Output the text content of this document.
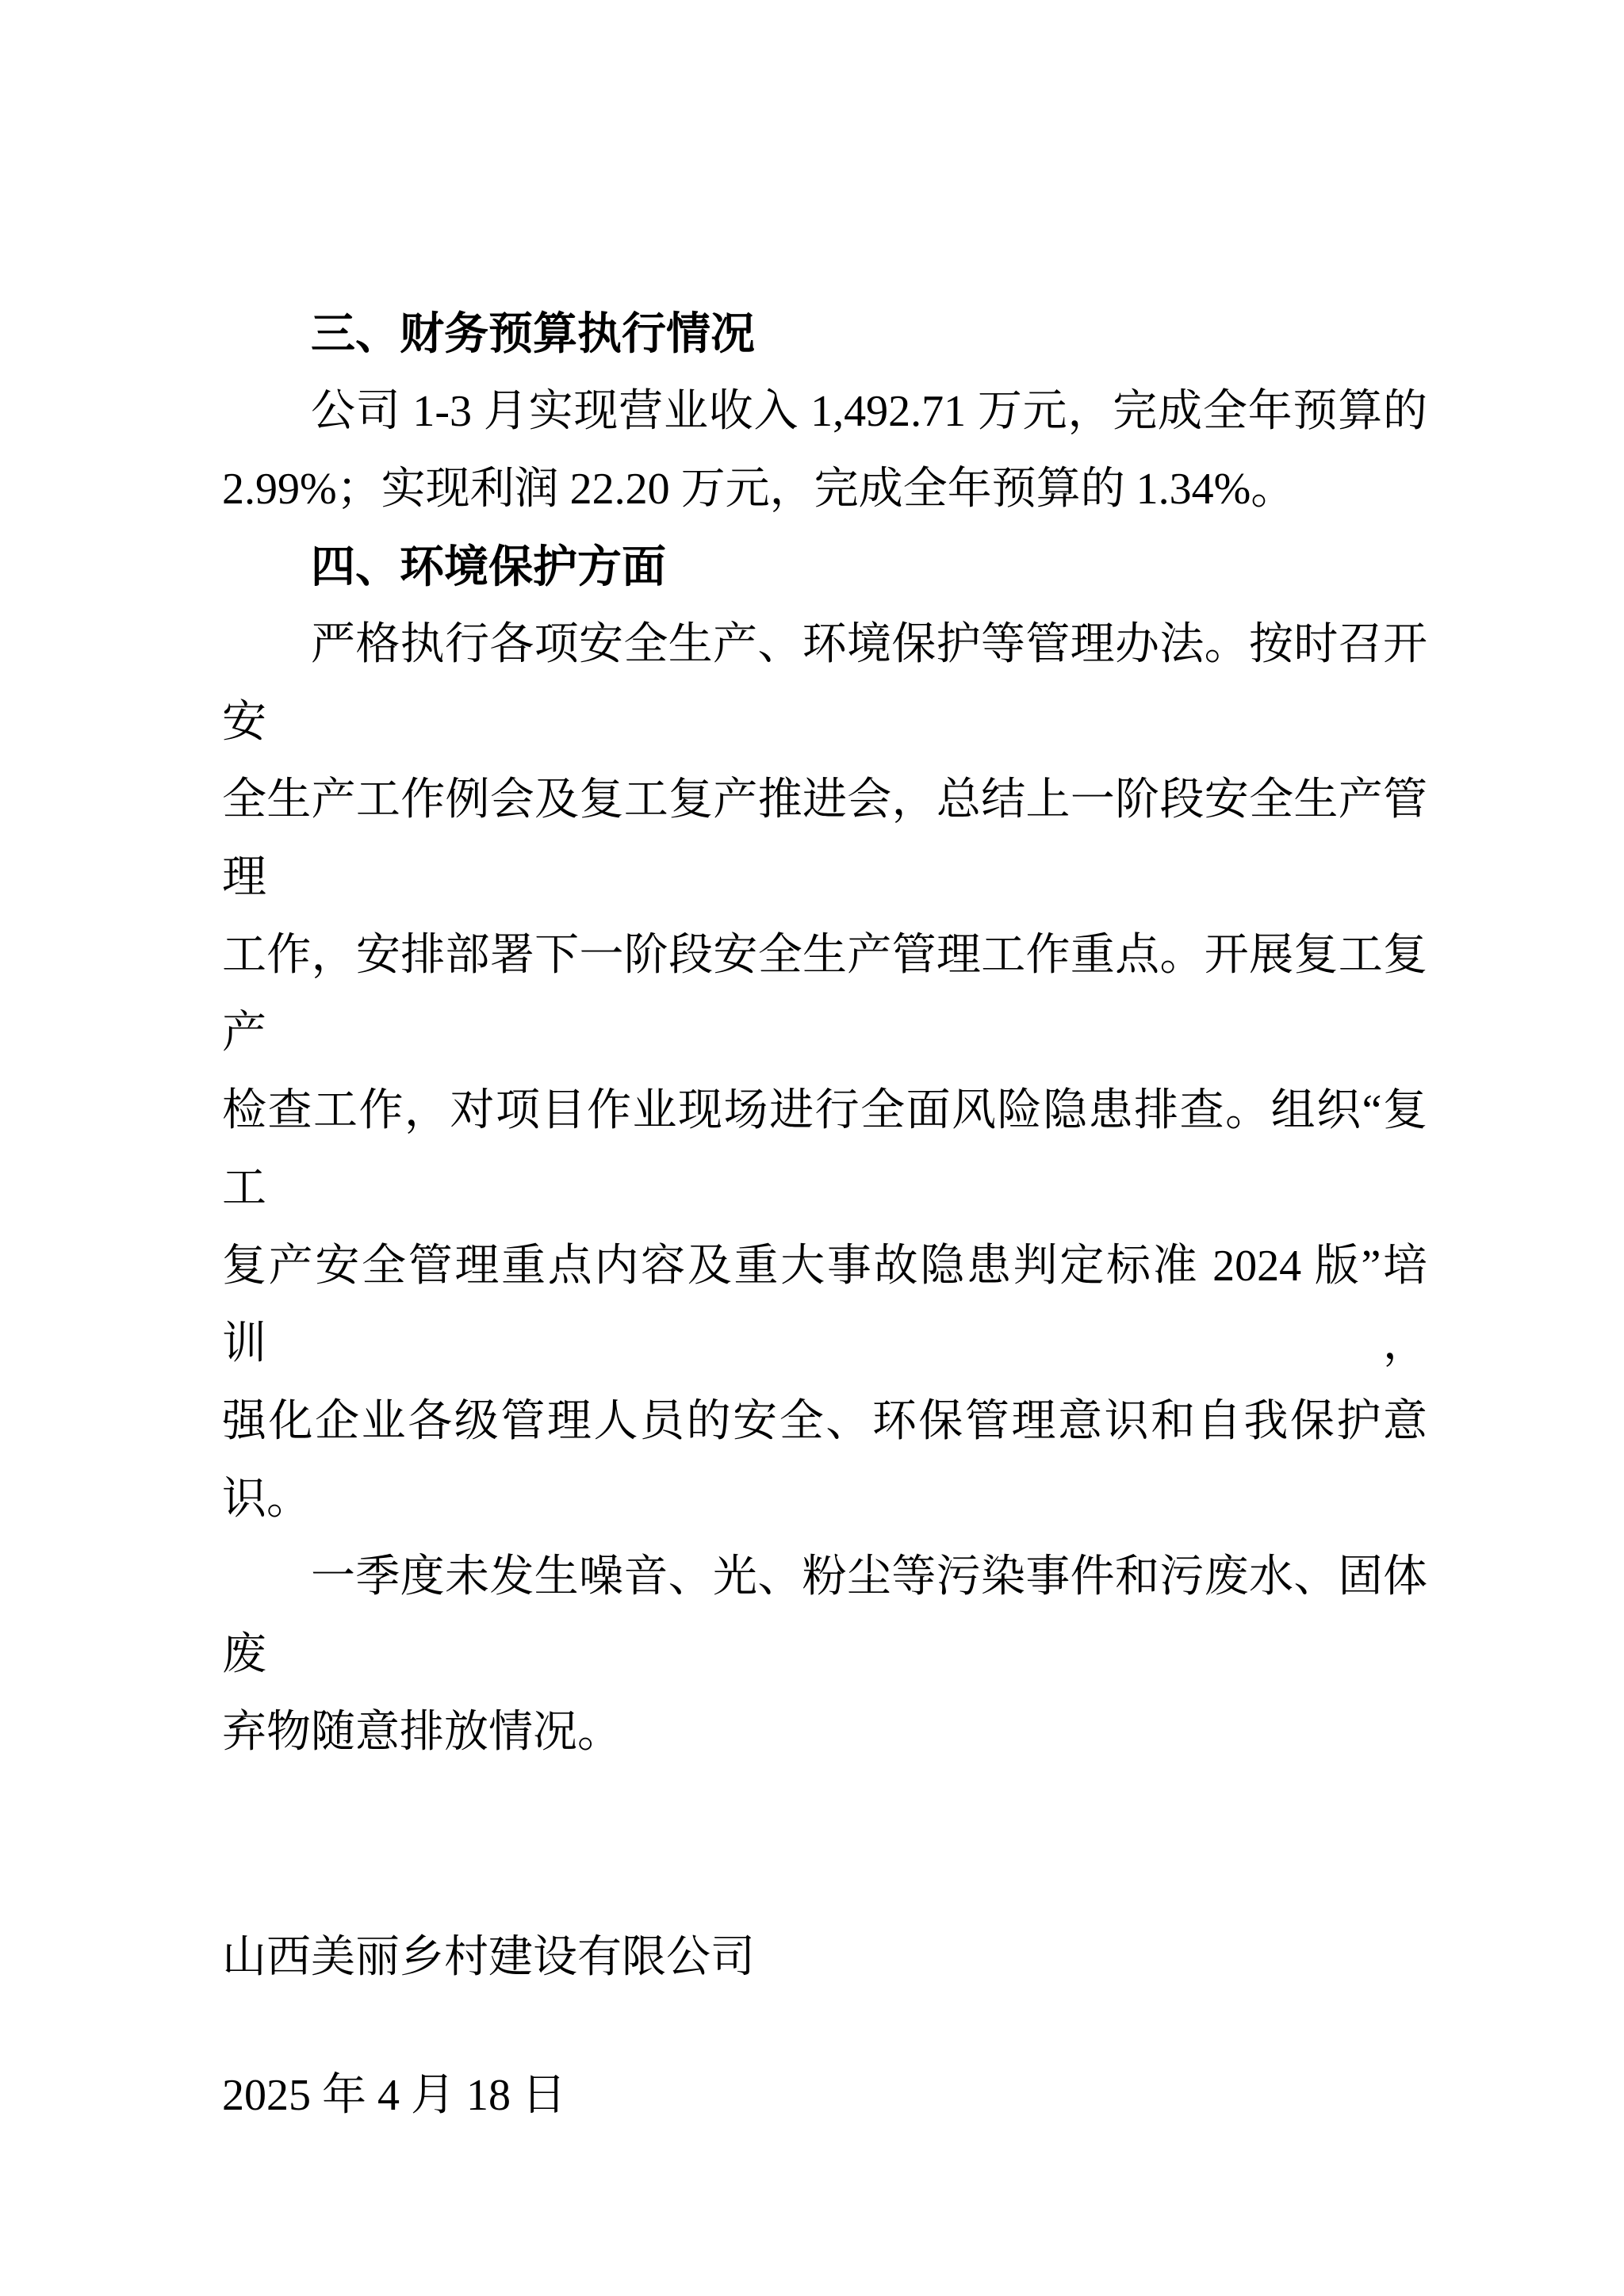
三、财务预算执行情况
公司 1-3 月实现营业收入 1,492.71 万元，完成全年预算的
2.99%；实现利润 22.20 万元，完成全年预算的 1.34%。
四、环境保护方面
严格执行各项安全生产、环境保护等管理办法。按时召开安
全生产工作例会及复工复产推进会，总结上一阶段安全生产管理
工作，安排部署下一阶段安全生产管理工作重点。开展复工复产
检查工作，对项目作业现场进行全面风险隐患排查。组织“复工
复产安全管理重点内容及重大事故隐患判定标准 2024 版”培训，
强化企业各级管理人员的安全、环保管理意识和自我保护意识。
一季度未发生噪音、光、粉尘等污染事件和污废水、固体废
弃物随意排放情况。
山西美丽乡村建设有限公司
2025 年 4 月 18 日
